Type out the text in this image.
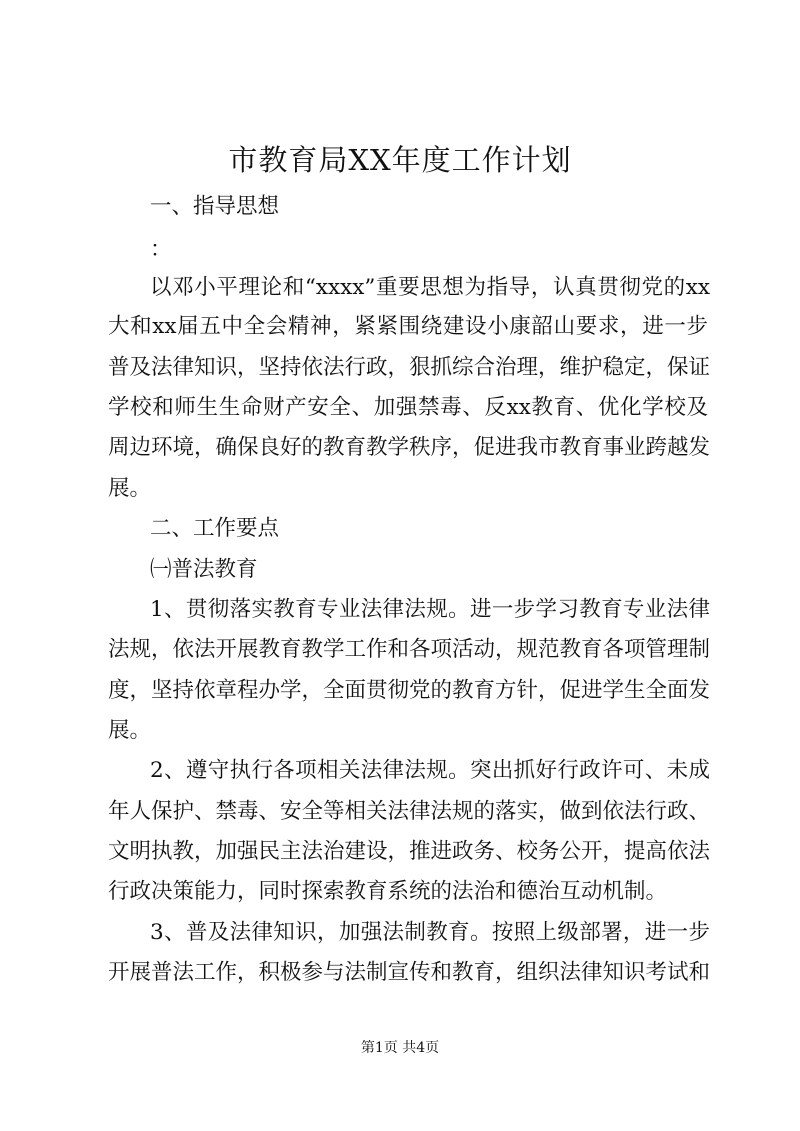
市教育局XX年度工作计划
一、指导思想
：
以邓小平理论和“xxxx”重要思想为指导，认真贯彻党的xx
大和xx届五中全会精神，紧紧围绕建设小康韶山要求，进一步
普及法律知识，坚持依法行政，狠抓综合治理，维护稳定，保证
学校和师生生命财产安全、加强禁毒、反xx教育、优化学校及
周边环境，确保良好的教育教学秩序，促进我市教育事业跨越发
展。
二、工作要点
㈠普法教育
1、贯彻落实教育专业法律法规。进一步学习教育专业法律
法规，依法开展教育教学工作和各项活动，规范教育各项管理制
度，坚持依章程办学，全面贯彻党的教育方针，促进学生全面发
展。
2、遵守执行各项相关法律法规。突出抓好行政许可、未成
年人保护、禁毒、安全等相关法律法规的落实，做到依法行政、
文明执教，加强民主法治建设，推进政务、校务公开，提高依法
行政决策能力，同时探索教育系统的法治和德治互动机制。
3、普及法律知识，加强法制教育。按照上级部署，进一步
开展普法工作，积极参与法制宣传和教育，组织法律知识考试和
第1页 共4页
